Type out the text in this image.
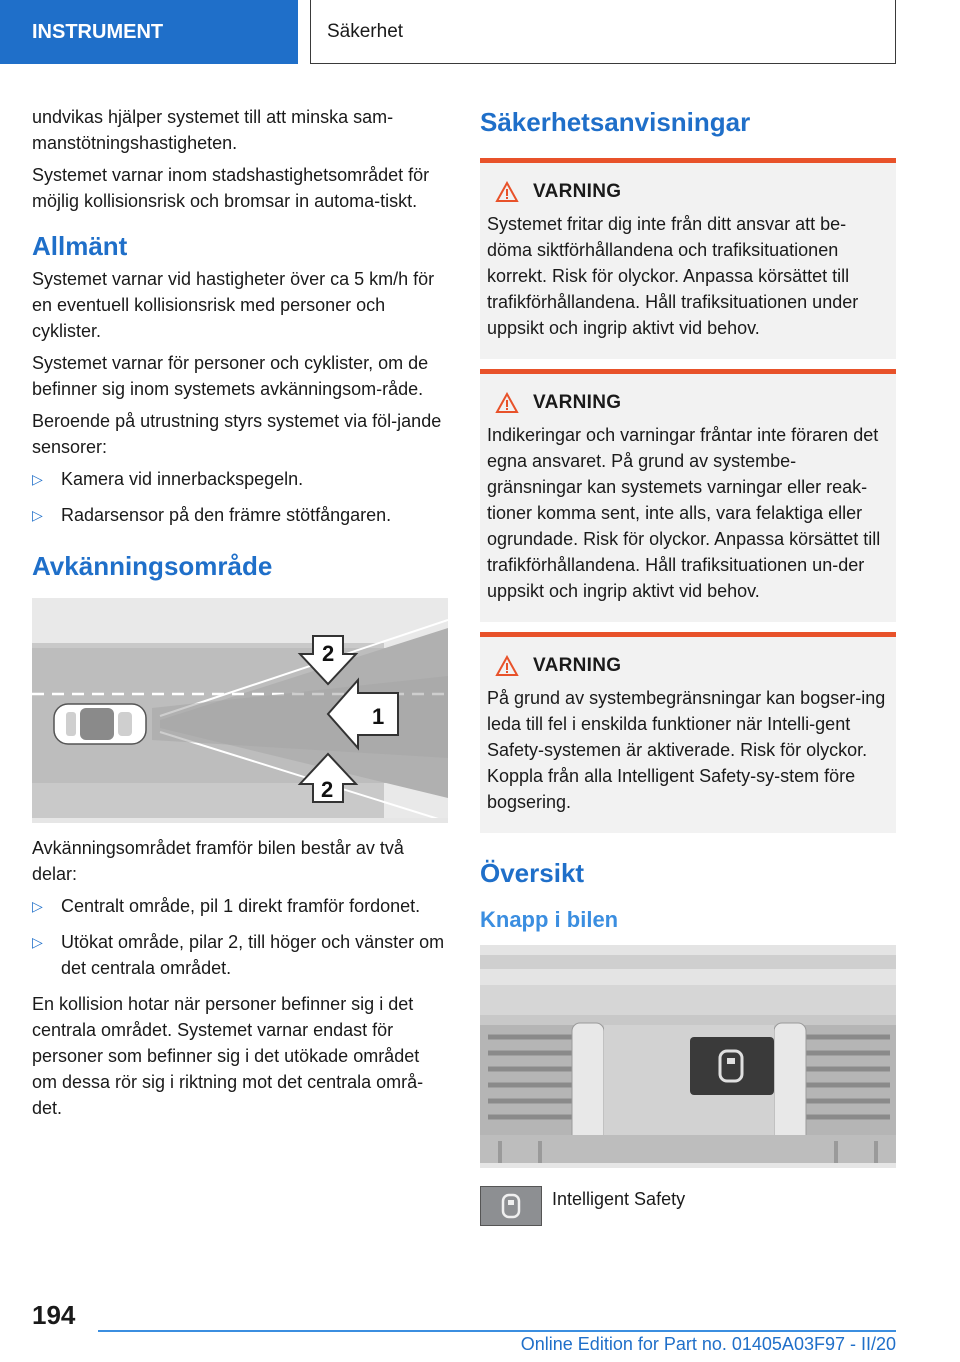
INSTRUMENT	Säkerhet

undvikas hjälper systemet till att minska sam-manstötningshastigheten.

Systemet varnar inom stadshastighetsområdet för möjlig kollisionsrisk och bromsar in automa-tiskt.

Allmänt

Systemet varnar vid hastigheter över ca 5 km/h för en eventuell kollisionsrisk med personer och cyklister.

Systemet varnar för personer och cyklister, om de befinner sig inom systemets avkänningsom-råde.

Beroende på utrustning styrs systemet via föl-jande sensorer:

▷ Kamera vid innerbackspegeln.
▷ Radarsensor på den främre stötfångaren.
Avkänningsområde
1
2
2

Avkänningsområdet framför bilen består av två delar:

▷ Centralt område, pil 1 direkt framför fordonet.
▷ Utökat område, pilar 2, till höger och vänster om det centrala området.

En kollision hotar när personer befinner sig i det centrala området. Systemet varnar endast för personer som befinner sig i det utökade området om dessa rör sig i riktning mot det centrala områ-det.

Säkerhetsanvisningar
VARNING

Systemet fritar dig inte från ditt ansvar att be-döma siktförhållandena och trafiksituationen korrekt. Risk för olyckor. Anpassa körsättet till trafikförhållandena. Håll trafiksituationen under uppsikt och ingrip aktivt vid behov.

VARNING

Indikeringar och varningar fråntar inte föraren det egna ansvaret. På grund av systembe-gränsningar kan systemets varningar eller reak-tioner komma sent, inte alls, vara felaktiga eller ogrundade. Risk för olyckor. Anpassa körsättet till trafikförhållandena. Håll trafiksituationen un-der uppsikt och ingrip aktivt vid behov.

VARNING

På grund av systembegränsningar kan bogser-ing leda till fel i enskilda funktioner när Intelli-gent Safety-systemen är aktiverade. Risk för olyckor. Koppla från alla Intelligent Safety-sy-stem före bogsering.

Översikt
Knapp i bilen
Intelligent Safety
194
Online Edition for Part no. 01405A03F97 - II/20
